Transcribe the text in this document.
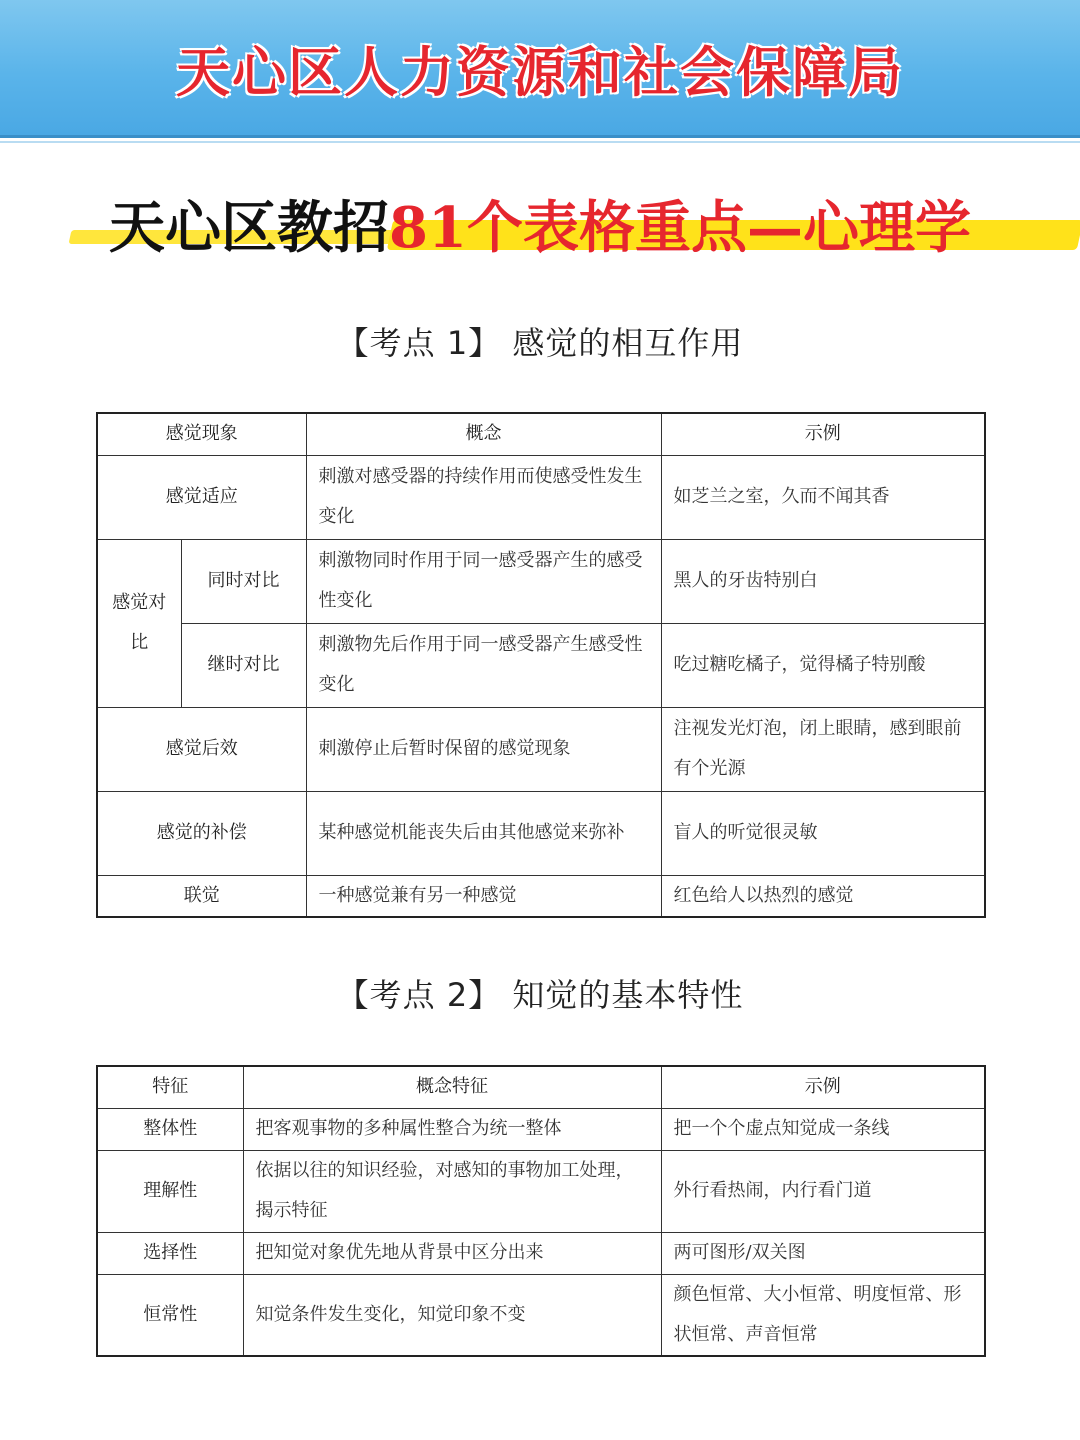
天心区人力资源和社会保障局
天心区教招81个表格重点—心理学
【考点 1】 感觉的相互作用
感觉现象		概念	示例
感觉适应		刺激对感受器的持续作用而使感受性发生变化	如芝兰之室，久而不闻其香
感觉对比	同时对比	刺激物同时作用于同一感受器产生的感受性变化	黑人的牙齿特别白
	继时对比	刺激物先后作用于同一感受器产生感受性变化	吃过糖吃橘子，觉得橘子特别酸
感觉后效		刺激停止后暂时保留的感觉现象	注视发光灯泡，闭上眼睛，感到眼前有个光源
感觉的补偿		某种感觉机能丧失后由其他感觉来弥补	盲人的听觉很灵敏
联觉		一种感觉兼有另一种感觉	红色给人以热烈的感觉
【考点 2】 知觉的基本特性
特征	概念特征	示例
整体性	把客观事物的多种属性整合为统一整体	把一个个虚点知觉成一条线
理解性	依据以往的知识经验，对感知的事物加工处理，揭示特征	外行看热闹，内行看门道
选择性	把知觉对象优先地从背景中区分出来	两可图形/双关图
恒常性	知觉条件发生变化，知觉印象不变	颜色恒常、大小恒常、明度恒常、形状恒常、声音恒常
